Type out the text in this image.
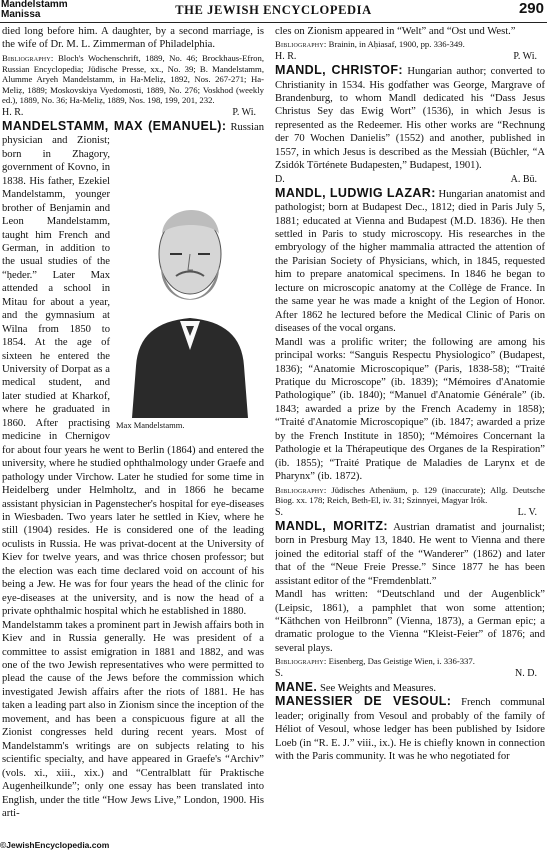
Mandelstamm
Manissa	THE JEWISH ENCYCLOPEDIA	290

died long before him. A daughter, by a second marriage, is the wife of Dr. M. L. Zimmerman of Philadelphia.

Bibliography: Bloch's Wochenschrift, 1889, No. 46; Brockhaus-Efron, Russian Encyclopedia; Jüdische Presse, xx., No. 39; B. Mandelstamm, Alumme Aryeh Mandelstamm, in Ha-Meliẓ, 1892, Nos. 267-271; Ha-Meliẓ, 1889; Moskovskiya Vyedomosti, 1889, No. 276; Voskhod (weekly ed.), 1889, No. 36; Ha-Meliẓ, 1889, Nos. 198, 199, 201, 232.

H. R.	P. Wi.
MANDELSTAMM, MAX (EMANUEL):
Max Mandelstamm.
Russian physician and Zionist; born in Zhagory, government of Kovno, in 1838. His father, Ezekiel Mandelstamm, younger brother of Benjamin and Leon Mandelstamm, taught him French and German, in addition to the usual studies of the “ḥeder.” Later Max attended a school in Mitau for about a year, and the gymnasium at Wilna from 1850 to 1854. At the age of sixteen he entered the University of Dorpat as a medical student, and later studied at Kharkof, where he graduated in 1860. After practising medicine in Chernigov for about four years he went to Berlin (1864) and entered the university, where he studied ophthalmology under Graefe and pathology under Virchow. Later he studied for some time in Heidelberg under Helmholtz, and in 1866 he became assistant physician in Pagenstecher's hospital for eye-diseases in Wiesbaden. Two years later he settled in Kiev, where he still (1904) resides. He is considered one of the leading oculists in Russia. He was privat-docent at the University of Kiev for twelve years, and was thrice chosen professor; but the election was each time declared void on account of his being a Jew. He was for four years the head of the clinic for eye-diseases at the university, and is now the head of a private ophthalmic hospital which he established in 1880.

Mandelstamm takes a prominent part in Jewish affairs both in Kiev and in Russia generally. He was president of a committee to assist emigration in 1881 and 1882, and was one of the two Jewish representatives who were permitted to plead the cause of the Jews before the commission which investigated Jewish affairs after the riots of 1881. He has taken a leading part also in Zionism since the inception of the movement, and has been a conspicuous figure at all the Zionist congresses held during recent years. Most of Mandelstamm's writings are on subjects relating to his scientific specialty, and have appeared in Graefe's “Archiv” (vols. xi., xiii., xix.) and “Centralblatt für Praktische Augenheilkunde”; only one essay has been translated into English, under the title “How Jews Live,” London, 1900. His arti-

cles on Zionism appeared in “Welt” and “Ost und West.”

Bibliography: Brainin, in Aḥiasaf, 1900, pp. 336-349.

H. R.	P. Wi.

MANDL, CHRISTOF: Hungarian author; converted to Christianity in 1534. His godfather was George, Margrave of Brandenburg, to whom Mandl dedicated his “Dass Jesus Christus Sey das Ewig Wort” (1536), in which Jesus is represented as the Redeemer. His other works are “Rechnung der 70 Wochen Danielis” (1552) and another, published in 1557, in which Jesus is described as the Messiah (Büchler, “A Zsidók Története Budapesten,” Budapest, 1901).

D.	A. Bü.

MANDL, LUDWIG LAZAR: Hungarian anatomist and pathologist; born at Budapest Dec., 1812; died in Paris July 5, 1881; educated at Vienna and Budapest (M.D. 1836). He then settled in Paris to study microscopy. His researches in the embryology of the higher mammalia attracted the attention of the Parisian Society of Physicians, which, in 1845, requested him to prepare anatomical specimens. In 1846 he began to lecture on microscopic anatomy at the Collège de France. In the same year he was made a knight of the Legion of Honor. After 1862 he lectured before the Medical Clinic of Paris on diseases of the vocal organs.

Mandl was a prolific writer; the following are among his principal works: “Sanguis Respectu Physiologico” (Budapest, 1836); “Anatomie Microscopique” (Paris, 1838-58); “Traité Pratique du Microscope” (ib. 1839); “Mémoires d'Anatomie Pathologique” (ib. 1840); “Manuel d'Anatomie Générale” (ib. 1843; awarded a prize by the French Academy in 1858); “Traité d'Anatomie Microscopique” (ib. 1847; awarded a prize by the French Institute in 1850); “Mémoires Concernant la Pathologie et la Thérapeutique des Organes de la Respiration” (ib. 1855); “Traité Pratique de Maladies de Larynx et de Pharynx” (ib. 1872).

Bibliography: Jüdisches Athenäum, p. 129 (inaccurate); Allg. Deutsche Biog. xx. 178; Reich, Beth-El, iv. 31; Szinnyei, Magyar Irók.

S.	L. V.

MANDL, MORITZ: Austrian dramatist and journalist; born in Presburg May 13, 1840. He went to Vienna and there joined the editorial staff of the “Wanderer” (1862) and later that of the “Neue Freie Presse.” Since 1877 he has been assistant editor of the “Fremdenblatt.”

Mandl has written: “Deutschland und der Augenblick” (Leipsic, 1861), a pamphlet that won some attention; “Käthchen von Heilbronn” (Vienna, 1873), a German epic; a dramatic prologue to the Vienna “Kleist-Feier” of 1876; and several plays.

Bibliography: Eisenberg, Das Geistige Wien, i. 336-337.

S.	N. D.

MANE. See Weights and Measures.

MANESSIER DE VESOUL: French communal leader; originally from Vesoul and probably of the family of Héliot of Vesoul, whose ledger has been published by Isidore Loeb (in “R. E. J.” viii., ix.). He is chiefly known in connection with the Paris community. It was he who negotiated for

©JewishEncyclopedia.com
